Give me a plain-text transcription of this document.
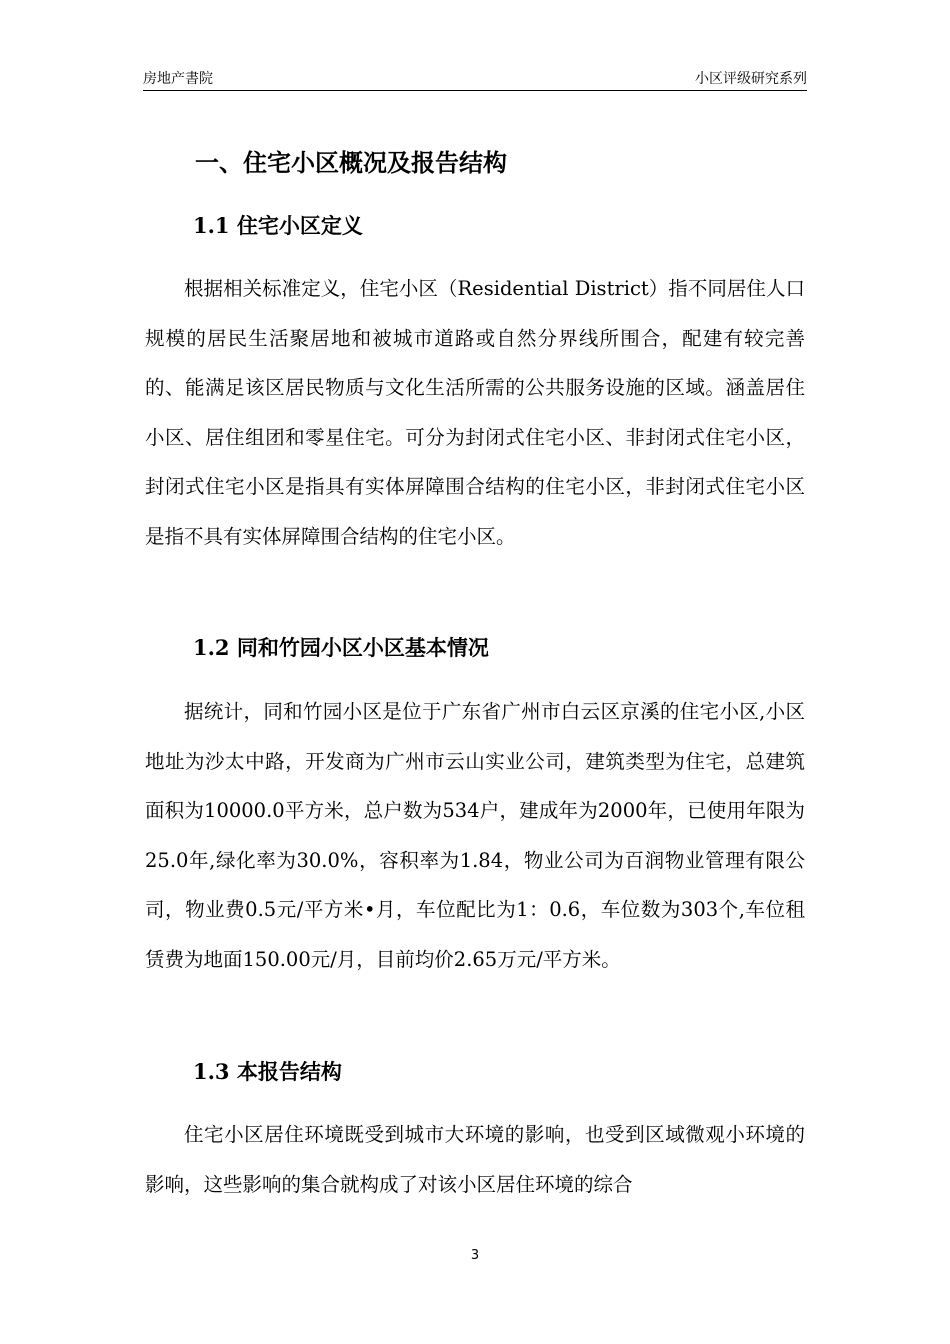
房地产書院	小区评级研究系列
一、住宅小区概况及报告结构
1.1 住宅小区定义
根据相关标准定义，住宅小区（Residential District）指不同居住人口规模的居民生活聚居地和被城市道路或自然分界线所围合，配建有较完善的、能满足该区居民物质与文化生活所需的公共服务设施的区域。涵盖居住小区、居住组团和零星住宅。可分为封闭式住宅小区、非封闭式住宅小区，封闭式住宅小区是指具有实体屏障围合结构的住宅小区，非封闭式住宅小区是指不具有实体屏障围合结构的住宅小区。
1.2 同和竹园小区小区基本情况
据统计，同和竹园小区是位于广东省广州市白云区京溪的住宅小区,小区地址为沙太中路，开发商为广州市云山实业公司，建筑类型为住宅，总建筑面积为10000.0平方米，总户数为534户，建成年为2000年，已使用年限为25.0年,绿化率为30.0%，容积率为1.84，物业公司为百润物业管理有限公司，物业费0.5元/平方米•月，车位配比为1：0.6，车位数为303个,车位租赁费为地面150.00元/月，目前均价2.65万元/平方米。
1.3 本报告结构
住宅小区居住环境既受到城市大环境的影响，也受到区域微观小环境的影响，这些影响的集合就构成了对该小区居住环境的综合
3
